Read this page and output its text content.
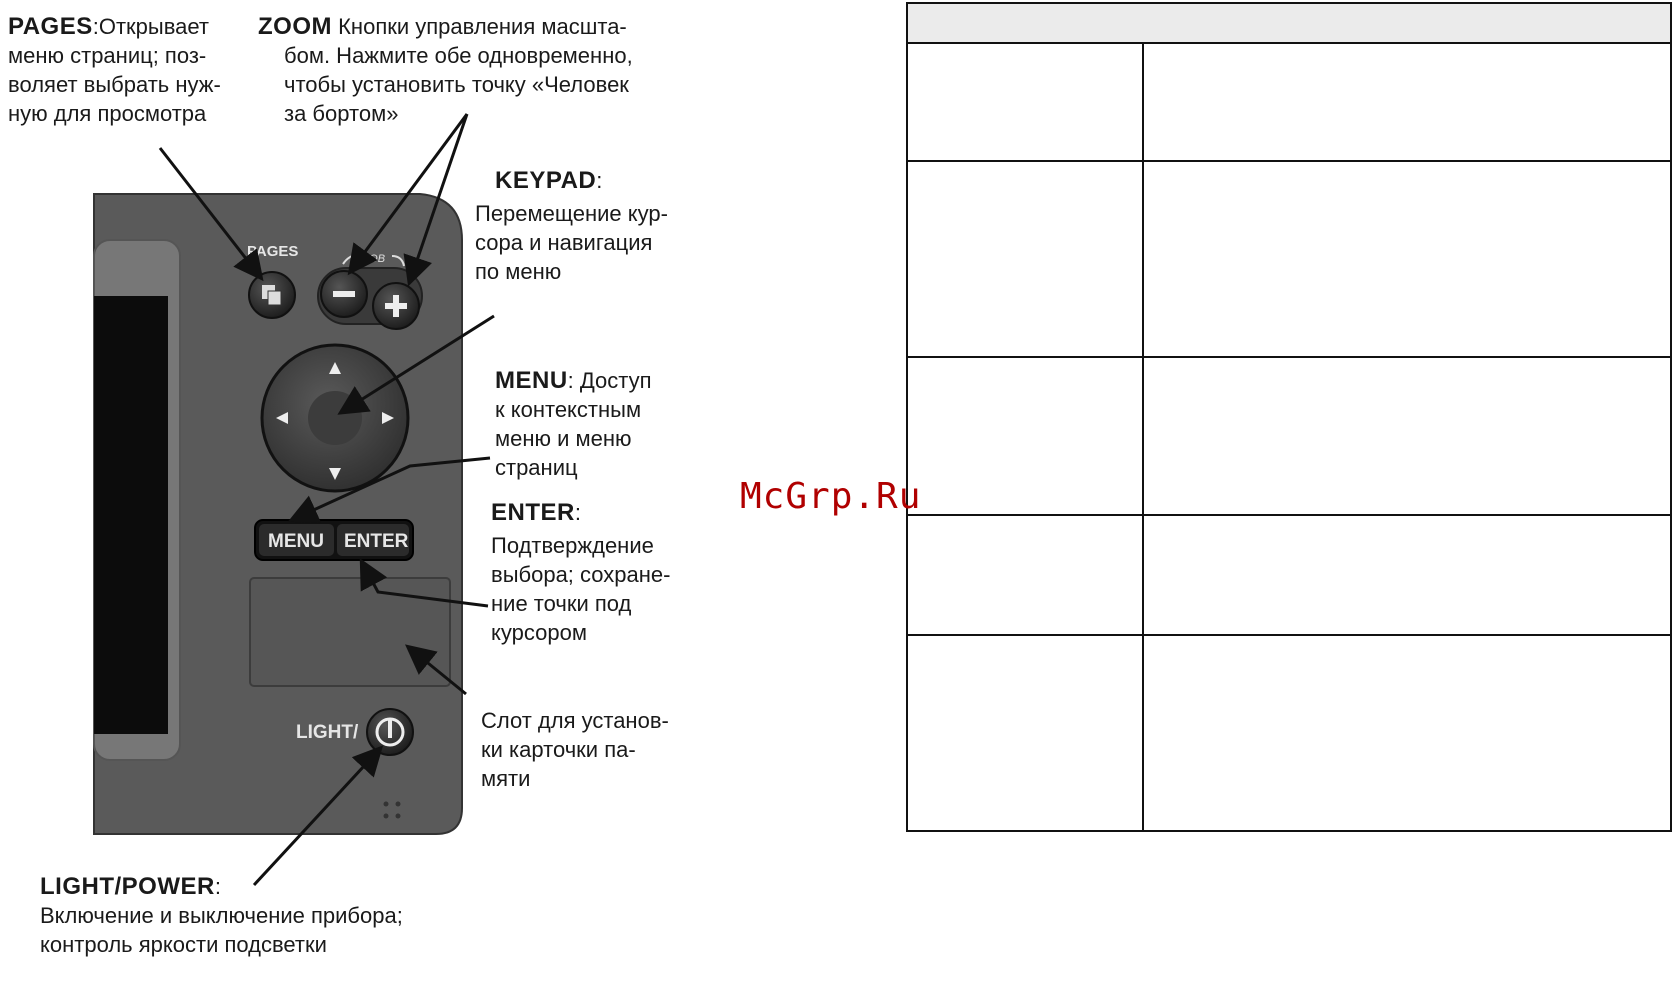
PAGES	MOB
MENU ENTER
LIGHT/

PAGES:Открывает

меню страниц; поз-

воляет выбрать нуж-

ную для просмотра

ZOOM Кнопки управления масшта-

бом. Нажмите обе одновременно,

чтобы установить точку «Человек

за бортом»

KEYPAD:

Перемещение кур-

сора и навигация

по меню

MENU: Доступ

к контекстным

меню и меню

страниц

ENTER:

Подтверждение

выбора; сохране-

ние точки под

курсором

Слот для установ-

ки карточки па-

мяти

LIGHT/POWER:

Включение и выключение прибора;

контроль яркости подсветки

McGrp.Ru
